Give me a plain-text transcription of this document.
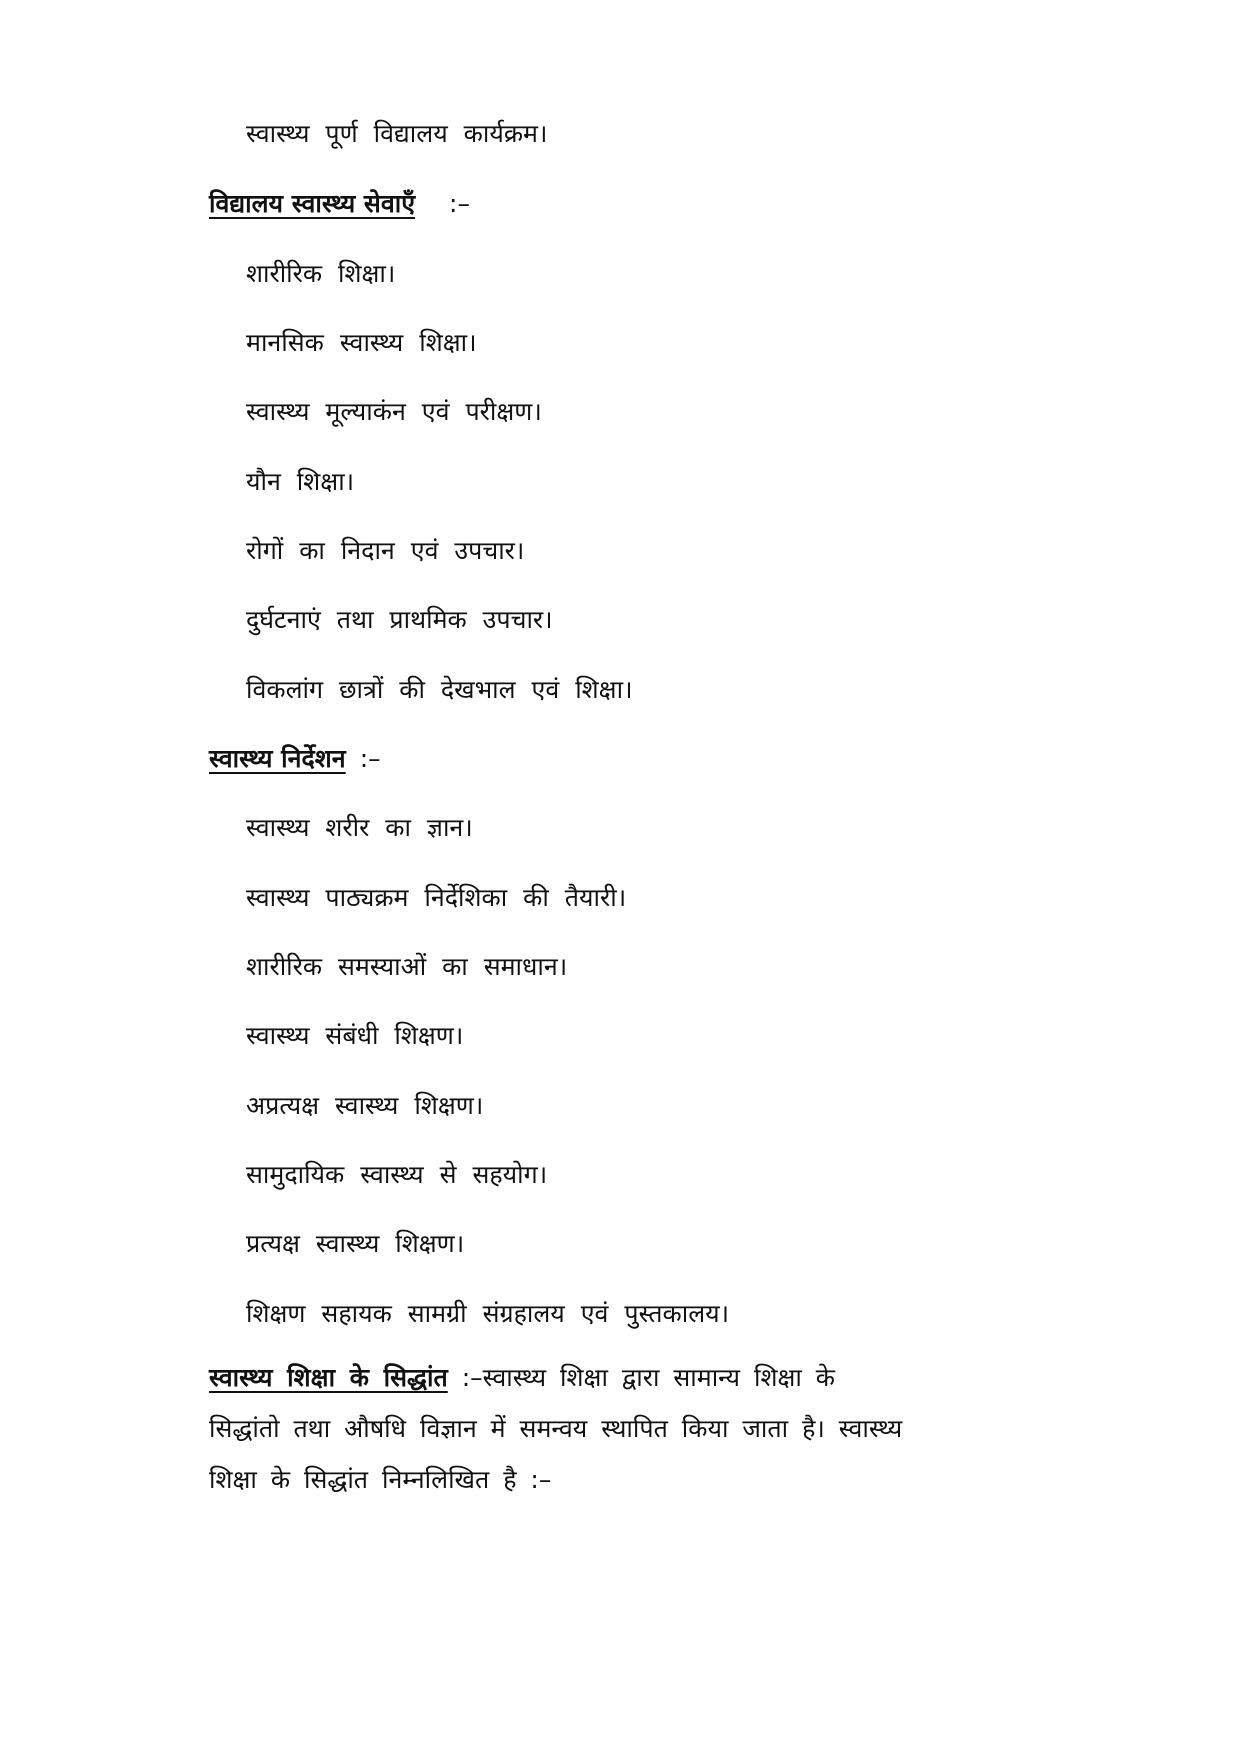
स्वास्थ्य पूर्ण विद्यालय कार्यक्रम।
विद्यालय स्वास्थ्य सेवाएँ :–
शारीरिक शिक्षा।
मानसिक स्वास्थ्य शिक्षा।
स्वास्थ्य मूल्याकंन एवं परीक्षण।
यौन शिक्षा।
रोगों का निदान एवं उपचार।
दुर्घटनाएं तथा प्राथमिक उपचार।
विकलांग छात्रों की देखभाल एवं शिक्षा।
स्वास्थ्य निर्देशन :–
स्वास्थ्य शरीर का ज्ञान।
स्वास्थ्य पाठ्यक्रम निर्देशिका की तैयारी।
शारीरिक समस्याओं का समाधान।
स्वास्थ्य संबंधी शिक्षण।
अप्रत्यक्ष स्वास्थ्य शिक्षण।
सामुदायिक स्वास्थ्य से सहयोग।
प्रत्यक्ष स्वास्थ्य शिक्षण।
शिक्षण सहायक सामग्री संग्रहालय एवं पुस्तकालय।
स्वास्थ्य शिक्षा के सिद्धांत :–स्वास्थ्य शिक्षा द्वारा सामान्य शिक्षा के
सिद्धांतो तथा औषधि विज्ञान में समन्वय स्थापित किया जाता है। स्वास्थ्य
शिक्षा के सिद्धांत निम्नलिखित है :–
